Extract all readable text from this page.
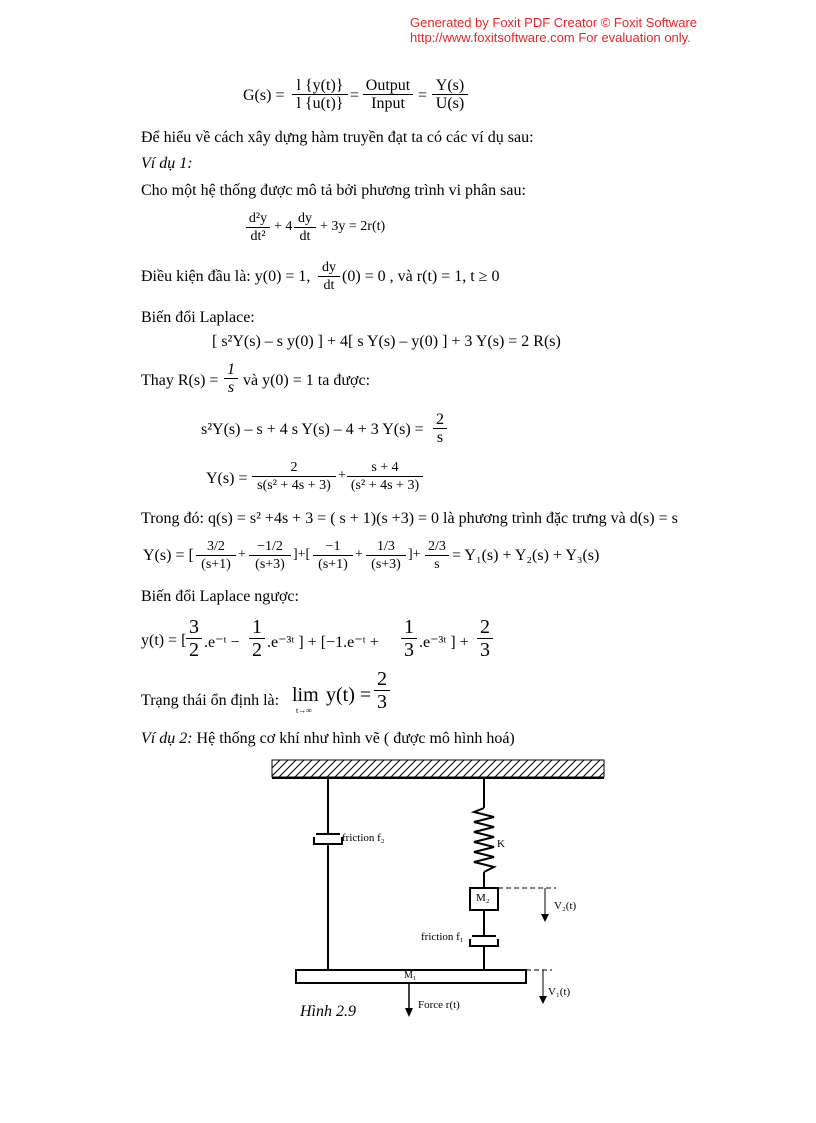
Generated by Foxit PDF Creator © Foxit Software
http://www.foxitsoftware.com For evaluation only.
$G(s) = \frac{l \{y(t)\}}{l \{u(t)\}}$ =
Output
Input = $\frac{Y(s)}{U(s)}$
Để hiểu về cách xây dựng hàm truyền đạt ta có các ví dụ sau:
Ví dụ 1:
Cho một hệ thống được mô tả bởi phương trình vi phân sau:
$\frac{\text{d²y}}{\text{dt²}} + 4 \frac{dy}{dt} + 3y = 2r(t)$
Điều kiện đầu là: y(0) = 1, $\frac{dy}{dt} (0) = 0$ , và r(t) = 1, t ≥ 0
Biến đổi Laplace:
[ s²Y(s) – s y(0) ] + 4[ s Y(s) – y(0) ] + 3 Y(s) = 2 R(s)
Thay $R(s) = \frac{1}{s}$ và y(0) = 1 ta được:
s²Y(s) – s + 4 s Y(s) – 4 + 3 $Y(s) = \frac{2}{s}$
$Y(s) = \frac{2}{\text{s(s² + 4s + 3)}} + \frac{s + 4}{\text{(s² + 4s + 3)}}$
Trong đó: q(s) = s² +4s + 3 = ( s + 1)(s +3) = 0 là phương trình đặc trưng và d(s) = s
Y(s) = [ $\frac{3/2}{(s+1)} + \frac{-1/2}{(s+3)}$ ]+[ $\frac{-1}{(s+1)} + \frac{1/3}{(s+3)}$ ]+ $\frac{2/3}{s} = Y_1(s) + Y_2(s) + Y_3(s)$
Biến đổi Laplace ngược:
y(t) = [ $\frac{3}{2}$ .e⁻ᵗ − $\frac{1}{2}$ .e⁻³ᵗ ] + [−1.e⁻ᵗ + $\frac{1}{3}$ .e⁻³ᵗ ] + $\frac{2}{3}$
Trạng thái ổn định là: lim
t→∞
$y(t) = \frac{2}{3}$
Ví dụ 2: Hệ thống cơ khí như hình vẽ ( được mô hình hoá)
friction f₂	K
M₂
V₂(t)
friction f₁
M₁
V₁(t)
Force r(t)
Hình 2.9
